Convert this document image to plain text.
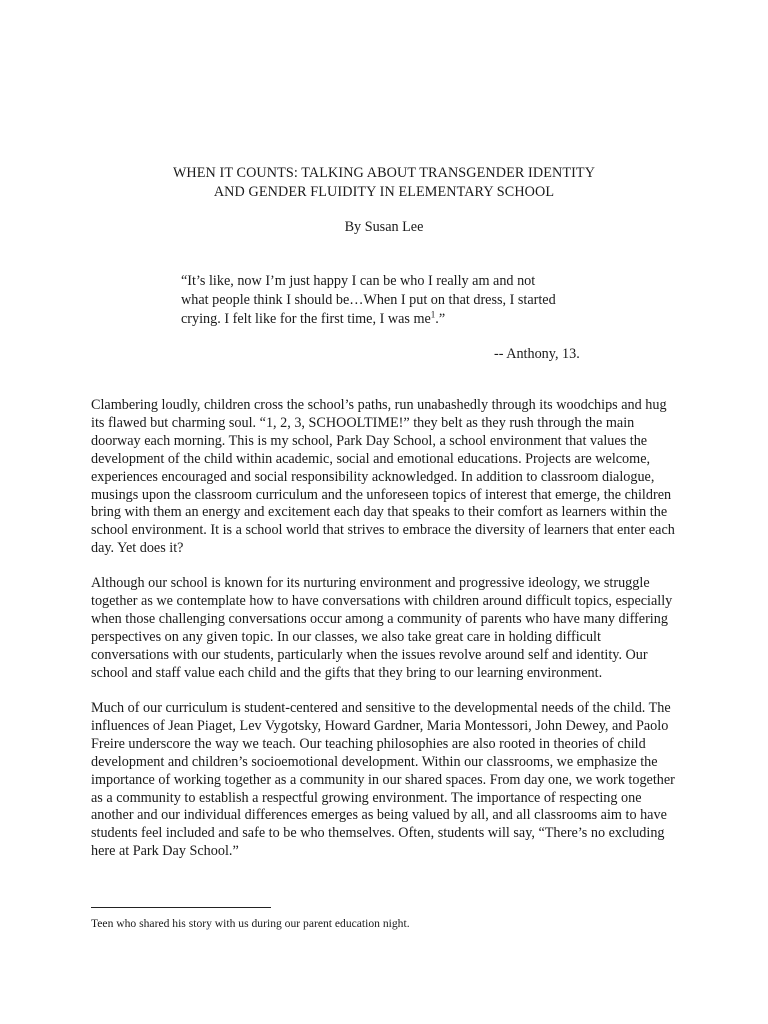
WHEN IT COUNTS: TALKING ABOUT TRANSGENDER IDENTITY
AND GENDER FLUIDITY IN ELEMENTARY SCHOOL
By Susan Lee

“It’s like, now I’m just happy I can be who I really am and not

what people think I should be…When I put on that dress, I started

crying. I felt like for the first time, I was $me^1$.”

-- Anthony, 13.

Clambering loudly, children cross the school’s paths, run unabashedly through its woodchips and hug its flawed but charming soul. “1, 2, 3, SCHOOLTIME!” they belt as they rush through the main doorway each morning. This is my school, Park Day School, a school environment that values the development of the child within academic, social and emotional educations. Projects are welcome, experiences encouraged and social responsibility acknowledged. In addition to classroom dialogue, musings upon the classroom curriculum and the unforeseen topics of interest that emerge, the children bring with them an energy and excitement each day that speaks to their comfort as learners within the school environment. It is a school world that strives to embrace the diversity of learners that enter each day. Yet does it?

Although our school is known for its nurturing environment and progressive ideology, we struggle together as we contemplate how to have conversations with children around difficult topics, especially when those challenging conversations occur among a community of parents who have many differing perspectives on any given topic. In our classes, we also take great care in holding difficult conversations with our students, particularly when the issues revolve around self and identity. Our school and staff value each child and the gifts that they bring to our learning environment.

Much of our curriculum is student-centered and sensitive to the developmental needs of the child. The influences of Jean Piaget, Lev Vygotsky, Howard Gardner, Maria Montessori, John Dewey, and Paolo Freire underscore the way we teach. Our teaching philosophies are also rooted in theories of child development and children’s socioemotional development. Within our classrooms, we emphasize the importance of working together as a community in our shared spaces. From day one, we work together as a community to establish a respectful growing environment. The importance of respecting one another and our individual differences emerges as being valued by all, and all classrooms aim to have students feel included and safe to be who themselves. Often, students will say, “There’s no excluding here at Park Day School.”

Teen who shared his story with us during our parent education night.
